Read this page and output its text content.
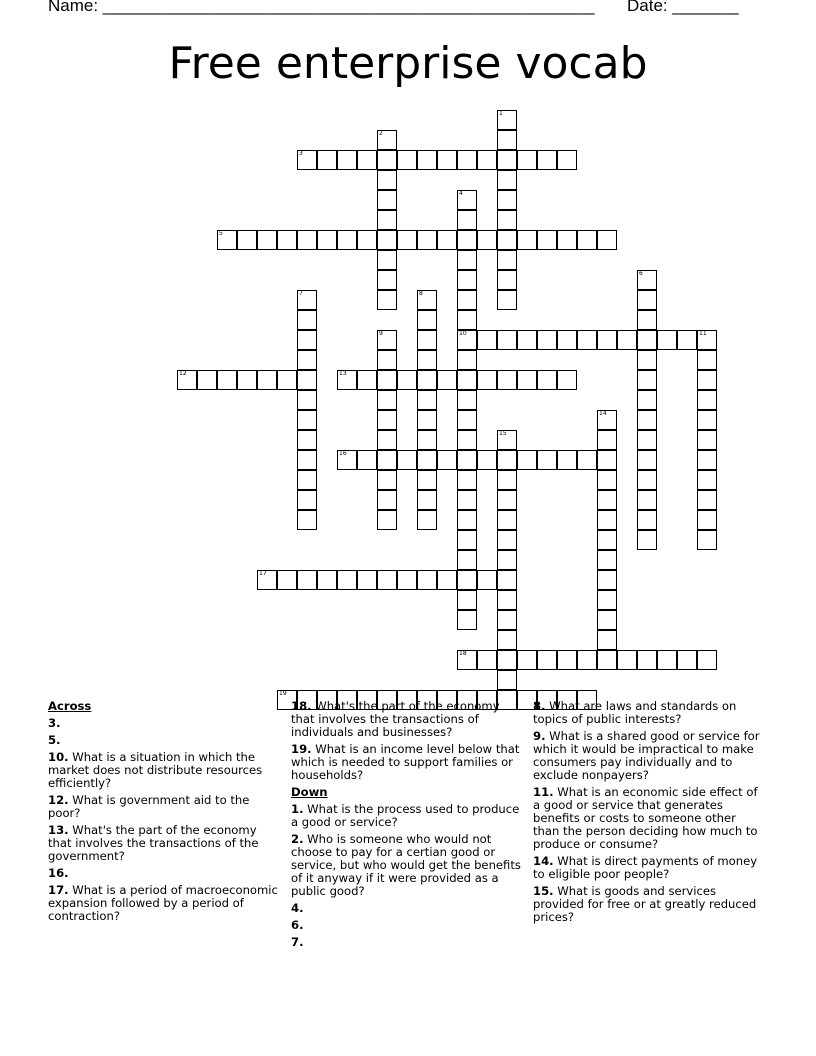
Name: ____________________________________________________ Date: _______
Free enterprise vocab
1
2
3
4
10
5
6
7	8
9	11
12	13
14
15
16
17
18
19
Across
3.
5.
10. What is a situation in which the market does not distribute resources efficiently?
12. What is government aid to the poor?
13. What's the part of the economy that involves the transactions of the government?
16.
17. What is a period of macroeconomic expansion followed by a period of contraction?
18. What's the part of the economy that involves the transactions of individuals and businesses?
19. What is an income level below that which is needed to support families or households?
Down
1. What is the process used to produce a good or service?
2. Who is someone who would not choose to pay for a certian good or service, but who would get the benefits of it anyway if it were provided as a public good?
4.
6.
7.
8. What are laws and standards on topics of public interests?
9. What is a shared good or service for which it would be impractical to make consumers pay individually and to exclude nonpayers?
11. What is an economic side effect of a good or service that generates benefits or costs to someone other than the person deciding how much to produce or consume?
14. What is direct payments of money to eligible poor people?
15. What is goods and services provided for free or at greatly reduced prices?
